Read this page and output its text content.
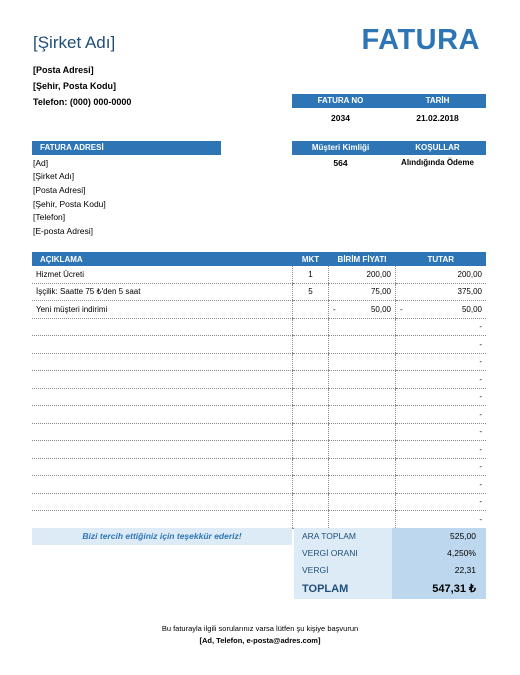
[Şirket Adı]	FATURA
[Posta Adresi]
[Şehir, Posta Kodu]
Telefon: (000) 000-0000	FATURA NO	TARİH
2034	21.02.2018
Müşteri Kimliği	KOŞULLAR
564	Alındığında Ödeme
FATURA ADRESİ
[Ad]
[Şirket Adı]
[Posta Adresi]
[Şehir, Posta Kodu]
[Telefon]
[E-posta Adresi]
AÇIKLAMA	MKT	BİRİM FİYATI	TUTAR
Hizmet Ücreti	1	200,00	200,00

İşçilik: Saatte 75 ₺'den 5 saat	5	75,00	375,00

Yeni müşteri indirimi		- 50,00	- 50,00

			-

			-

			-

			-

			-

			-

			-

			-

			-

			-

			-

			-
Bizi tercih ettiğiniz için teşekkür ederiz!	ARA TOPLAM	525,00
VERGİ ORANI	4,250%
VERGİ	22,31
TOPLAM	547,31 ₺
Bu faturayla ilgili sorularınız varsa lütfen şu kişiye başvurun
[Ad, Telefon, e-posta@adres.com]
